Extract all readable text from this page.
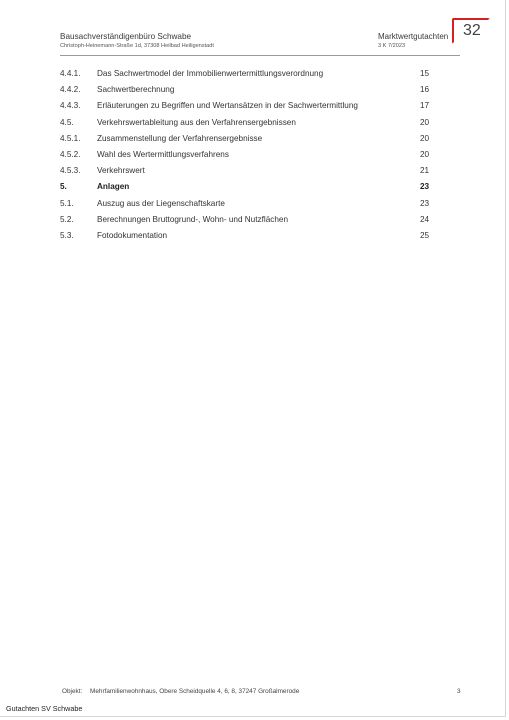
Bausachverständigenbüro Schwabe
Christoph-Heinemann-Straße 1d, 37308 Heilbad Heiligenstadt
Marktwertgutachten
3 K 7/2023
32
4.4.1. Das Sachwertmodel der Immobilienwertermittlungsverordnung	15
4.4.2. Sachwertberechnung	16
4.4.3. Erläuterungen zu Begriffen und Wertansätzen in der Sachwertermittlung	17
4.5.	Verkehrswertableitung aus den Verfahrensergebnissen	20
4.5.1. Zusammenstellung der Verfahrensergebnisse	20
4.5.2. Wahl des Wertermittlungsverfahrens	20
4.5.3. Verkehrswert	21
5.	Anlagen	23
5.1.	Auszug aus der Liegenschaftskarte	23
5.2.	Berechnungen Bruttogrund-, Wohn- und Nutzflächen	24
5.3.	Fotodokumentation	25
Objekt: Mehrfamilienwohnhaus, Obere Scheidquelle 4, 6, 8, 37247 Großalmerode	3
Gutachten SV Schwabe
